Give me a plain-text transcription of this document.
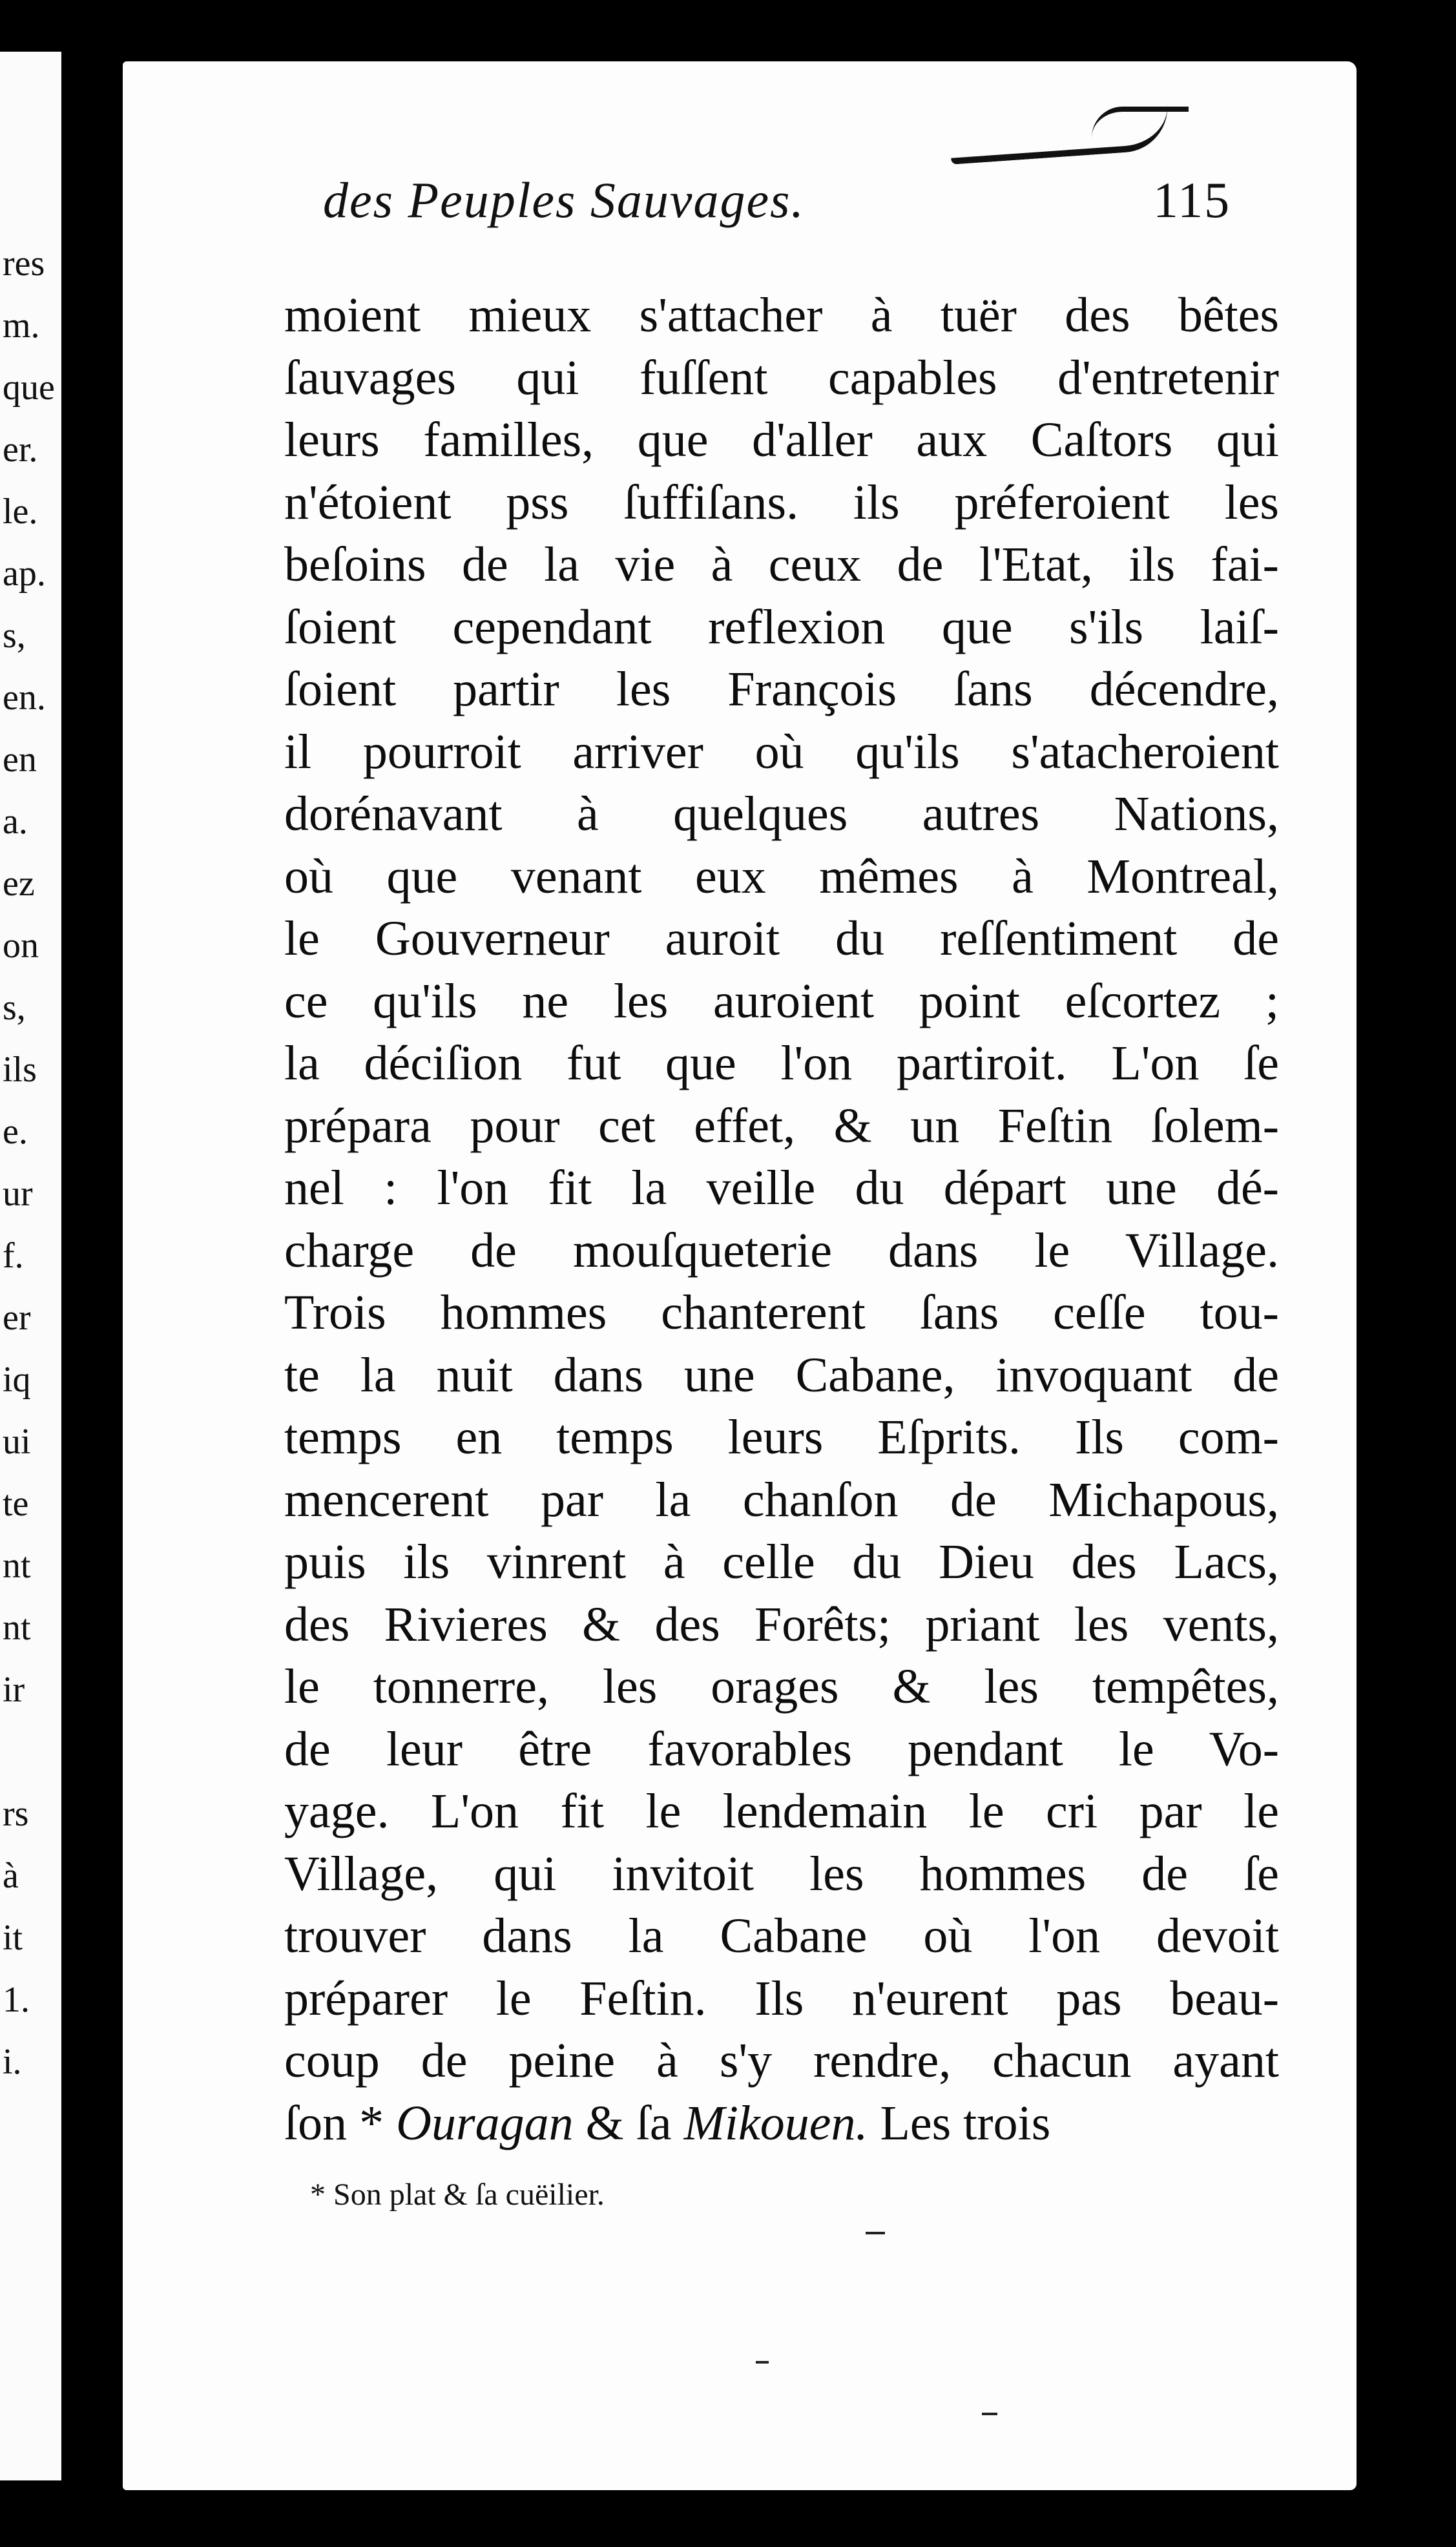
res
m.
que
er.
le.
ap.
s,
en.
en
a.
ez
on
s,
ils
e.
ur
f.
er
iq
ui
te
nt
nt
ir
rs
à
it
1.
i.
des Peuples Sauvages.	115
moient mieux s'attacher à tuër des bêtes
ſauvages qui fuſſent capables d'entretenir
leurs familles, que d'aller aux Caſtors qui
n'étoient pss ſuffiſans. ils préferoient les
beſoins de la vie à ceux de l'Etat, ils fai-
ſoient cependant reflexion que s'ils laiſ-
ſoient partir les François ſans décendre,
il pourroit arriver où qu'ils s'atacheroient
dorénavant à quelques autres Nations,
où que venant eux mêmes à Montreal,
le Gouverneur auroit du reſſentiment de
ce qu'ils ne les auroient point eſcortez ;
la déciſion fut que l'on partiroit. L'on ſe
prépara pour cet effet, & un Feſtin ſolem-
nel : l'on fit la veille du départ une dé-
charge de mouſqueterie dans le Village.
Trois hommes chanterent ſans ceſſe tou-
te la nuit dans une Cabane, invoquant de
temps en temps leurs Eſprits. Ils com-
mencerent par la chanſon de Michapous,
puis ils vinrent à celle du Dieu des Lacs,
des Rivieres & des Forêts; priant les vents,
le tonnerre, les orages & les tempêtes,
de leur être favorables pendant le Vo-
yage. L'on fit le lendemain le cri par le
Village, qui invitoit les hommes de ſe
trouver dans la Cabane où l'on devoit
préparer le Feſtin. Ils n'eurent pas beau-
coup de peine à s'y rendre, chacun ayant
ſon * Ouragan & ſa Mikouen. Les trois
* Son plat & ſa cuëilier.
